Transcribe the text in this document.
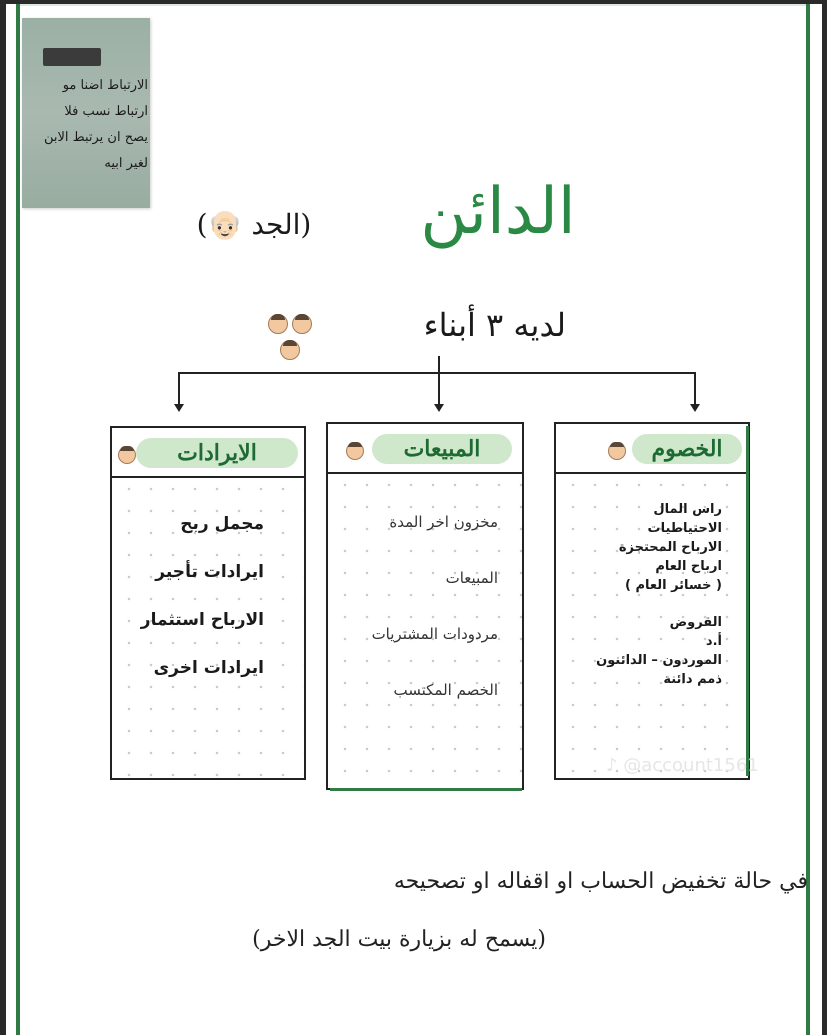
الارتباط اضنا مو
ارتباط نسب فلا
يصح ان يرتبط الابن
لغير ابيه
الدائن
(الجد 👴🏻)
لديه ٣ أبناء
الايرادات
مجمل ربح
ايرادات تأجير
الارباح استثمار
ايرادات اخرى
المبيعات
مخزون اخر المدة
المبيعات
مردودات المشتريات
الخصم المكتسب
الخصوم
راس المال
الاحتياطيات
الارباح المحتجزة
ارباح العام
( خسائر العام )
القروض
أ.د
الموردون – الدائنون
ذمم دائنة
♪ @account1561
في حالة تخفيض الحساب او اقفاله او تصحيحه
(يسمح له بزيارة بيت الجد الاخر)
